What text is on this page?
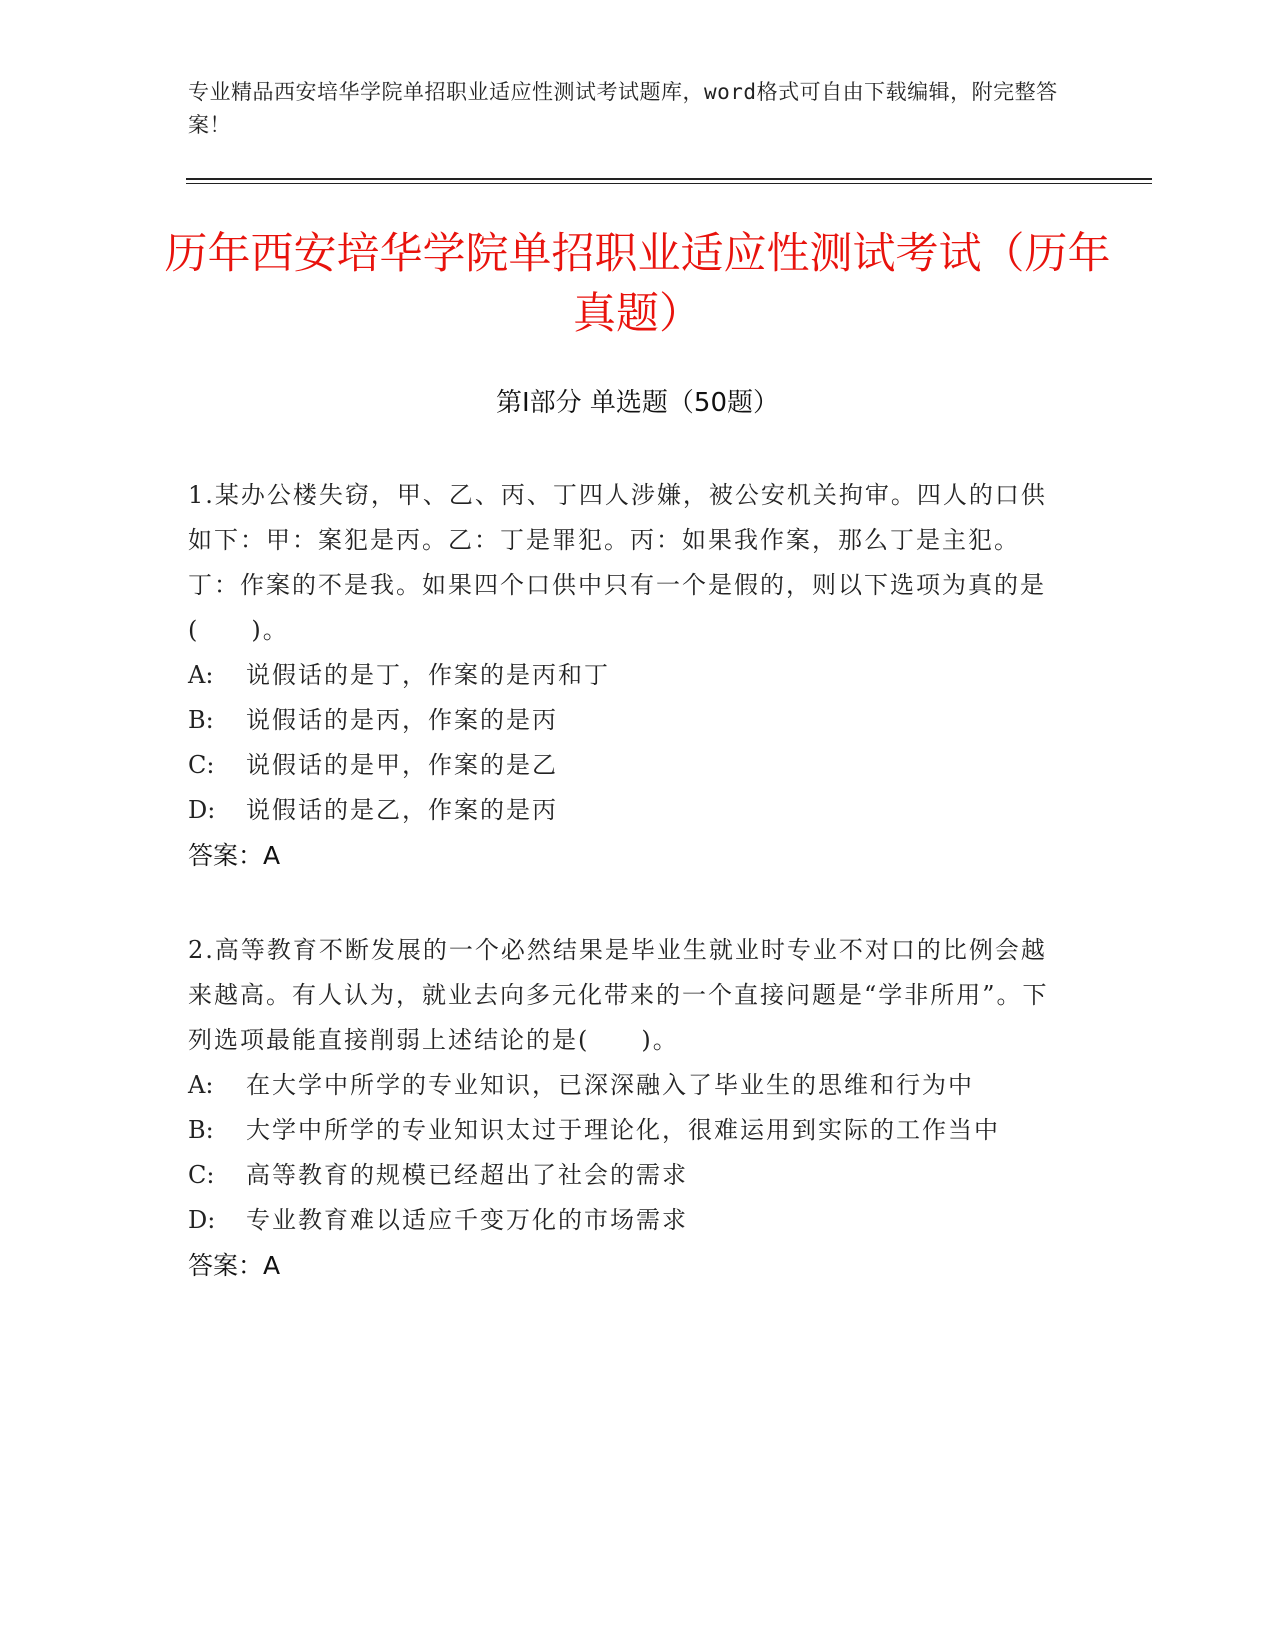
专业精品西安培华学院单招职业适应性测试考试题库，word格式可自由下载编辑，附完整答案！
历年西安培华学院单招职业适应性测试考试（历年真题）
第Ⅰ部分 单选题（50题）
1.某办公楼失窃，甲、乙、丙、丁四人涉嫌，被公安机关拘审。四人的口供如下：甲：案犯是丙。乙：丁是罪犯。丙：如果我作案，那么丁是主犯。丁：作案的不是我。如果四个口供中只有一个是假的，则以下选项为真的是(　　)。
A: 说假话的是丁，作案的是丙和丁
B: 说假话的是丙，作案的是丙
C: 说假话的是甲，作案的是乙
D: 说假话的是乙，作案的是丙
答案：A
2.高等教育不断发展的一个必然结果是毕业生就业时专业不对口的比例会越来越高。有人认为，就业去向多元化带来的一个直接问题是“学非所用”。下列选项最能直接削弱上述结论的是(　　)。
A: 在大学中所学的专业知识，已深深融入了毕业生的思维和行为中
B: 大学中所学的专业知识太过于理论化，很难运用到实际的工作当中
C: 高等教育的规模已经超出了社会的需求
D: 专业教育难以适应千变万化的市场需求
答案：A
